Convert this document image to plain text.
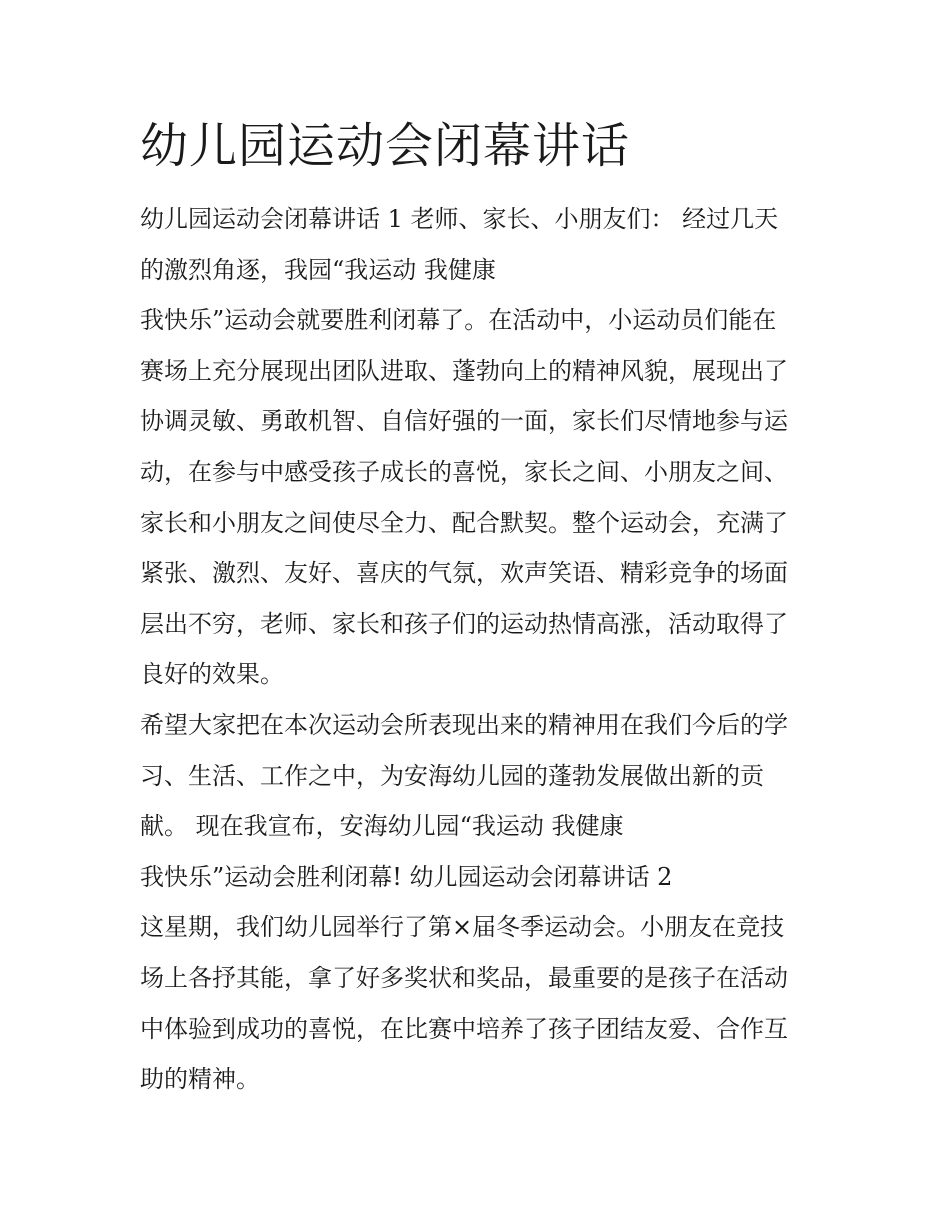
幼儿园运动会闭幕讲话
幼儿园运动会闭幕讲话 1 老师、家长、小朋友们： 经过几天
的激烈角逐，我园“我运动 我健康
我快乐”运动会就要胜利闭幕了。在活动中，小运动员们能在
赛场上充分展现出团队进取、蓬勃向上的精神风貌，展现出了
协调灵敏、勇敢机智、自信好强的一面，家长们尽情地参与运
动，在参与中感受孩子成长的喜悦，家长之间、小朋友之间、
家长和小朋友之间使尽全力、配合默契。整个运动会，充满了
紧张、激烈、友好、喜庆的气氛，欢声笑语、精彩竞争的场面
层出不穷，老师、家长和孩子们的运动热情高涨，活动取得了
良好的效果。
希望大家把在本次运动会所表现出来的精神用在我们今后的学
习、生活、工作之中，为安海幼儿园的蓬勃发展做出新的贡
献。 现在我宣布，安海幼儿园“我运动 我健康
我快乐”运动会胜利闭幕! 幼儿园运动会闭幕讲话 2
这星期，我们幼儿园举行了第×届冬季运动会。小朋友在竞技
场上各抒其能，拿了好多奖状和奖品，最重要的是孩子在活动
中体验到成功的喜悦，在比赛中培养了孩子团结友爱、合作互
助的精神。
